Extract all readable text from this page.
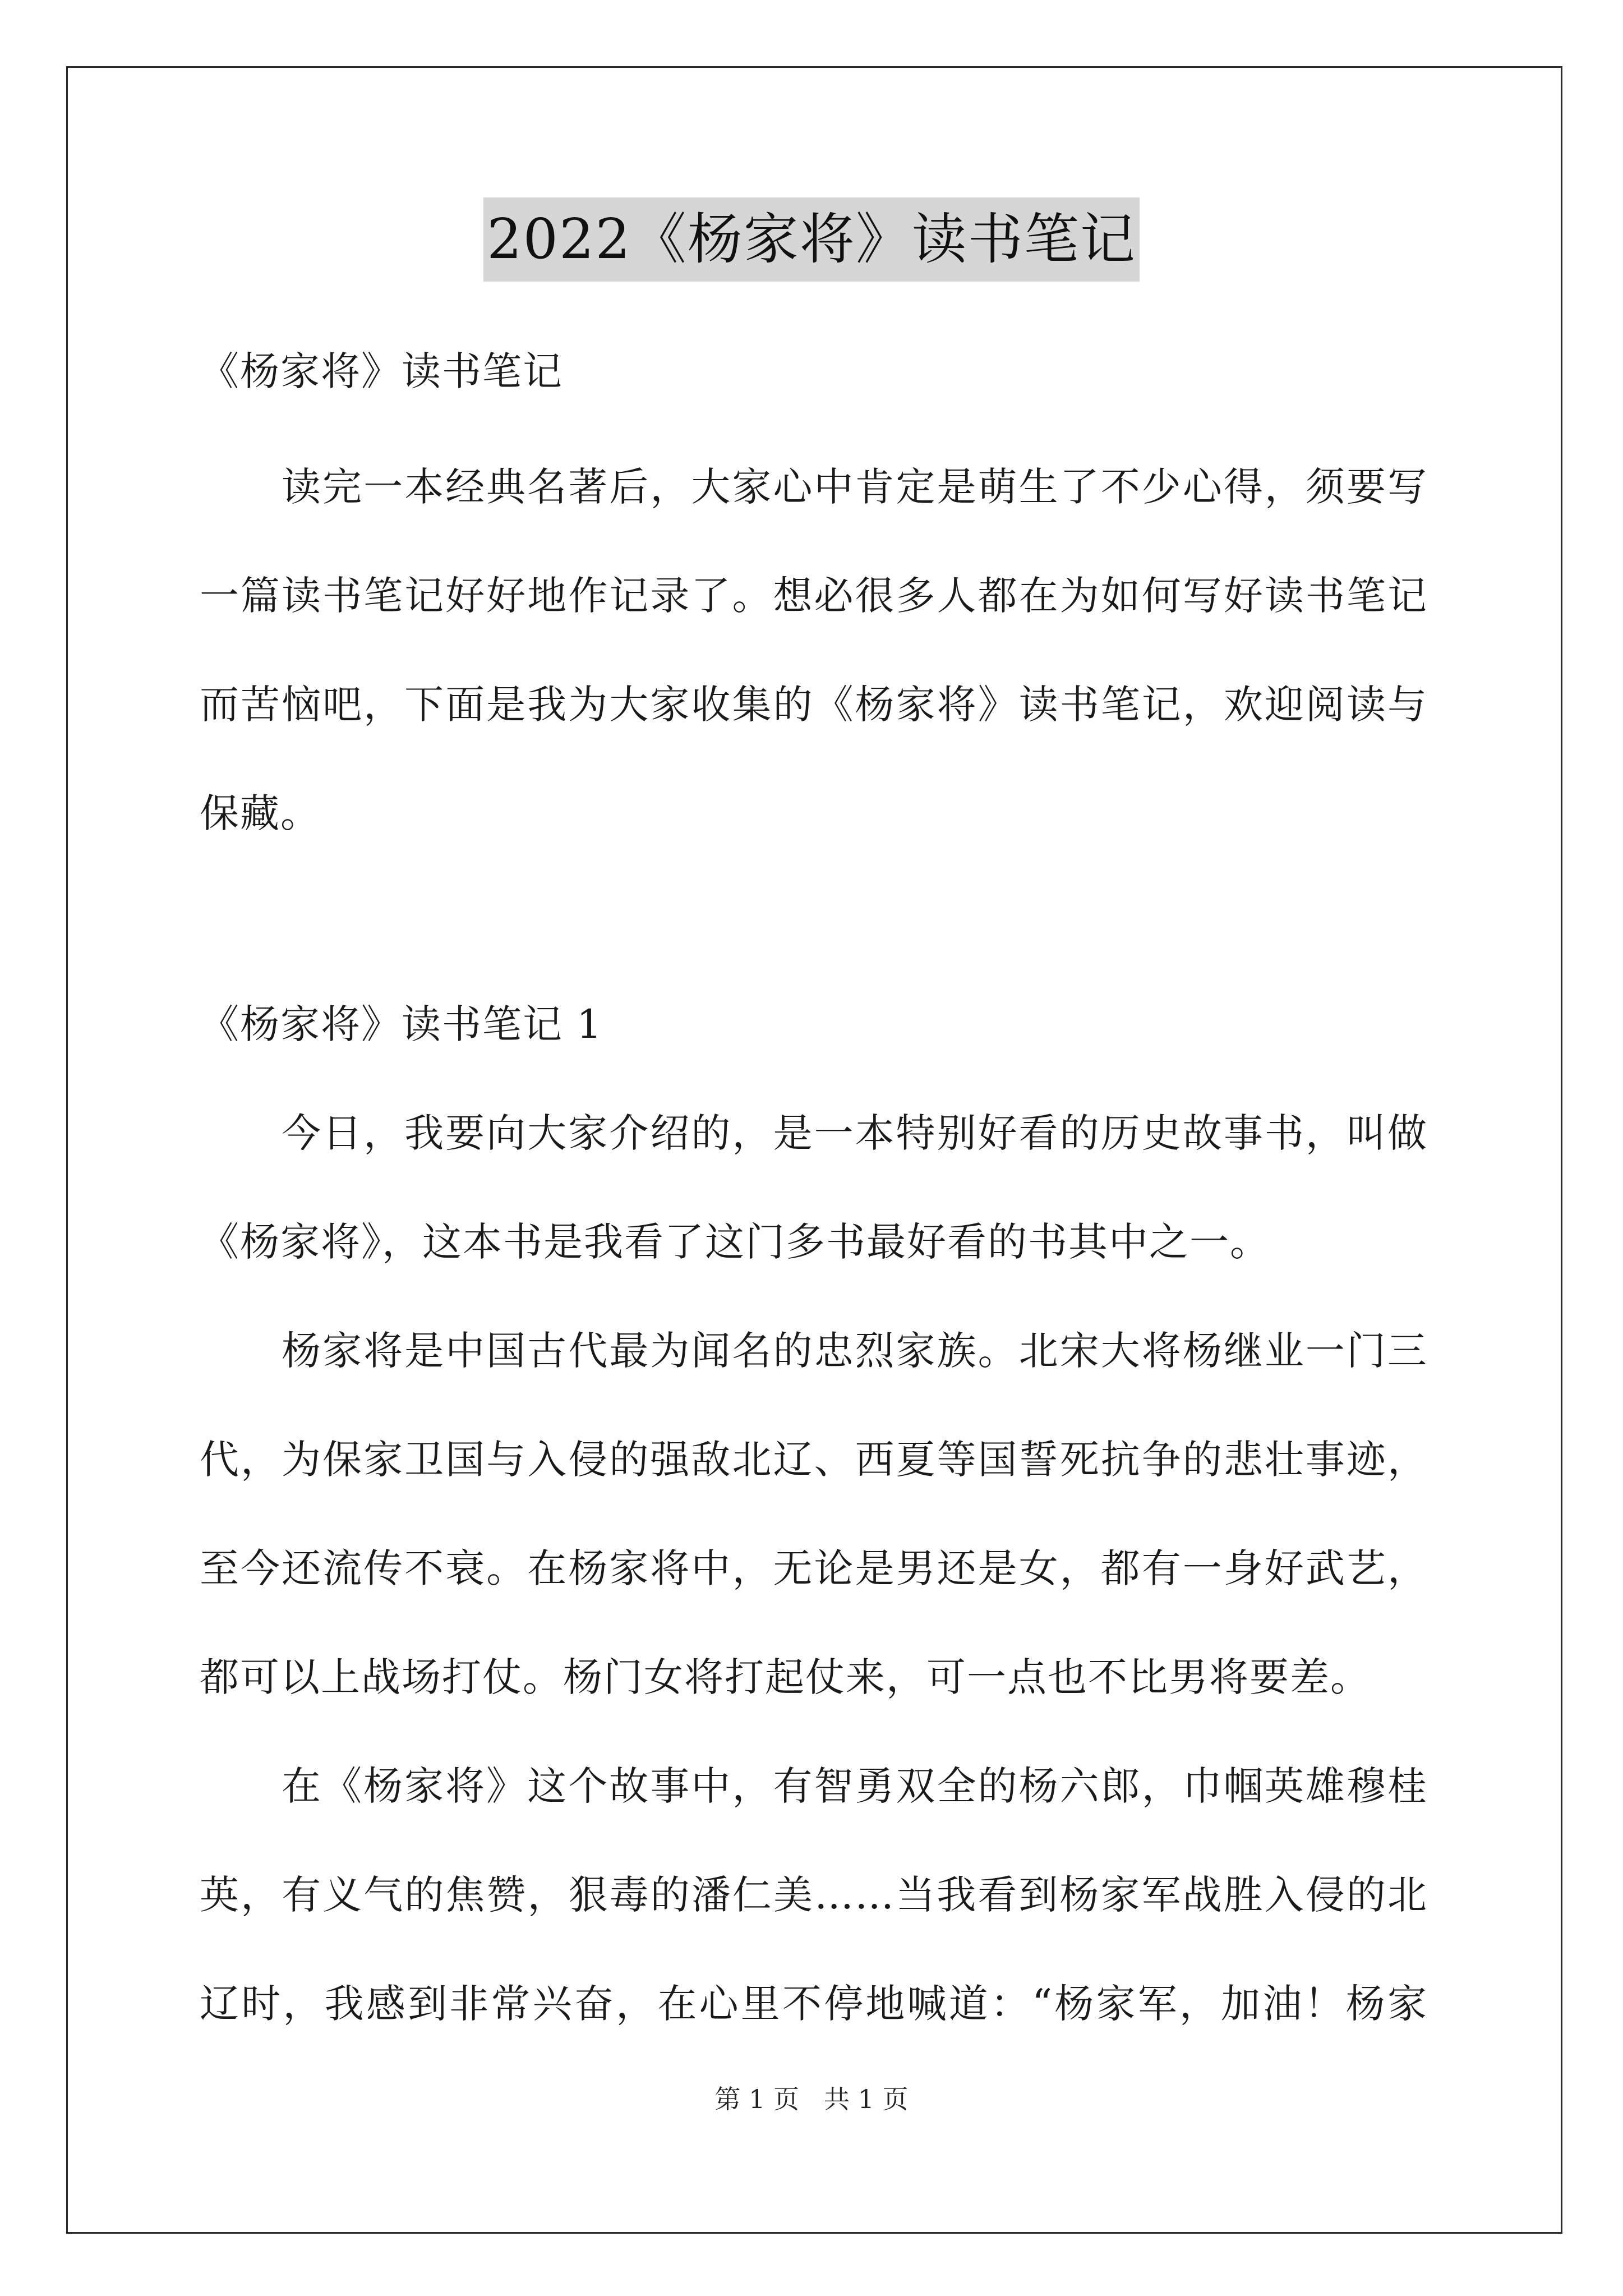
2022《杨家将》读书笔记
《杨家将》读书笔记
读完一本经典名著后，大家心中肯定是萌生了不少心得，须要写
一篇读书笔记好好地作记录了。想必很多人都在为如何写好读书笔记
而苦恼吧，下面是我为大家收集的《杨家将》读书笔记，欢迎阅读与
保藏。
《杨家将》读书笔记 1
今日，我要向大家介绍的，是一本特别好看的历史故事书，叫做
《杨家将》，这本书是我看了这门多书最好看的书其中之一。
杨家将是中国古代最为闻名的忠烈家族。北宋大将杨继业一门三
代，为保家卫国与入侵的强敌北辽、西夏等国誓死抗争的悲壮事迹，
至今还流传不衰。在杨家将中，无论是男还是女，都有一身好武艺，
都可以上战场打仗。杨门女将打起仗来，可一点也不比男将要差。
在《杨家将》这个故事中，有智勇双全的杨六郎，巾帼英雄穆桂
英，有义气的焦赞，狠毒的潘仁美……当我看到杨家军战胜入侵的北
辽时，我感到非常兴奋，在心里不停地喊道：“杨家军，加油！杨家
第 1 页 共 1 页
